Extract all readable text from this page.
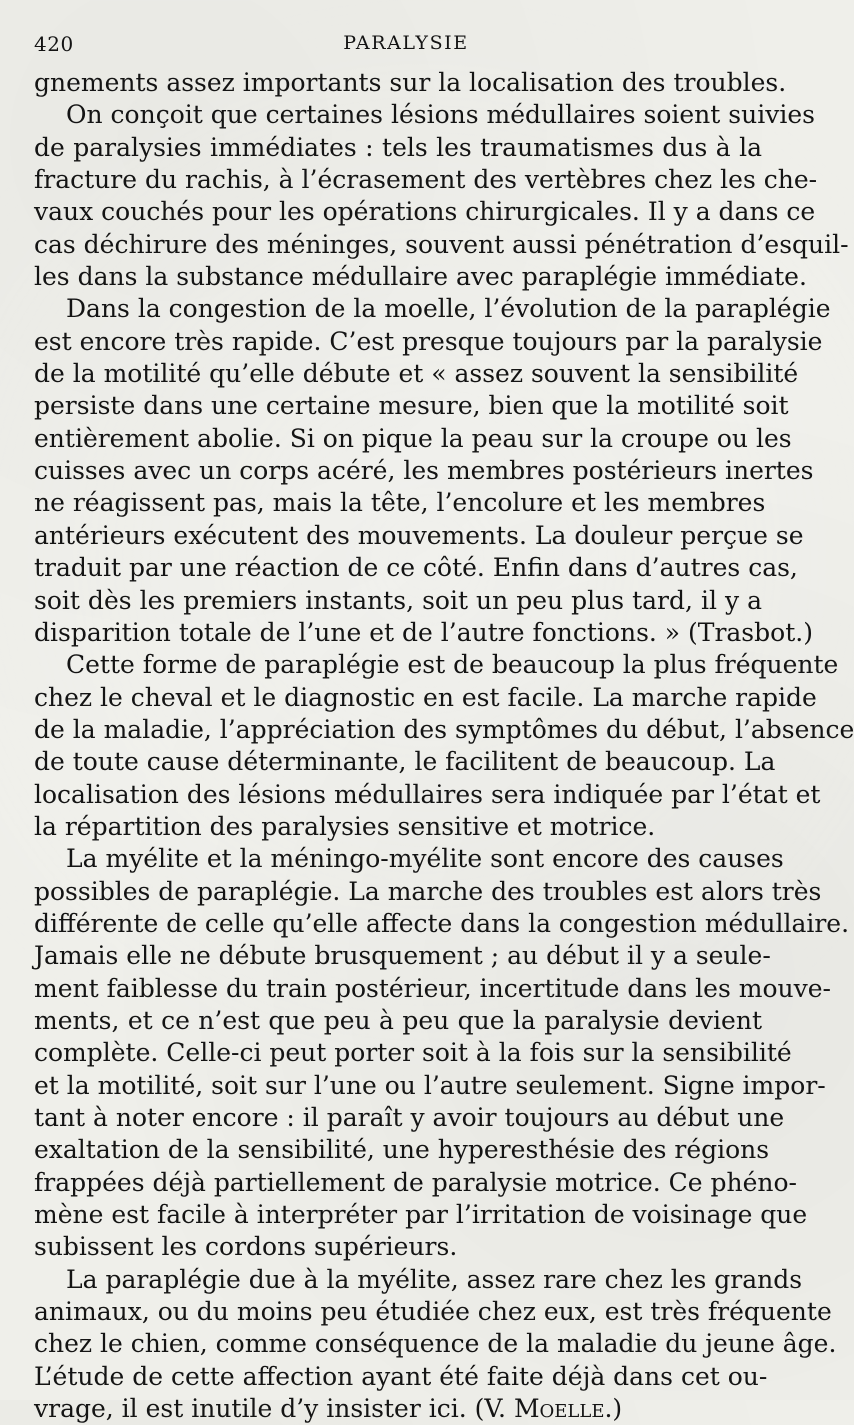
420	PARALYSIE
gnements assez importants sur la localisation des troubles.
On conçoit que certaines lésions médullaires soient suivies
de paralysies immédiates : tels les traumatismes dus à la
fracture du rachis, à l’écrasement des vertèbres chez les che-
vaux couchés pour les opérations chirurgicales. Il y a dans ce
cas déchirure des méninges, souvent aussi pénétration d’esquil-
les dans la substance médullaire avec paraplégie immédiate.
Dans la congestion de la moelle, l’évolution de la paraplégie
est encore très rapide. C’est presque toujours par la paralysie
de la motilité qu’elle débute et « assez souvent la sensibilité
persiste dans une certaine mesure, bien que la motilité soit
entièrement abolie. Si on pique la peau sur la croupe ou les
cuisses avec un corps acéré, les membres postérieurs inertes
ne réagissent pas, mais la tête, l’encolure et les membres
antérieurs exécutent des mouvements. La douleur perçue se
traduit par une réaction de ce côté. Enfin dans d’autres cas,
soit dès les premiers instants, soit un peu plus tard, il y a
disparition totale de l’une et de l’autre fonctions. » (Trasbot.)
Cette forme de paraplégie est de beaucoup la plus fréquente
chez le cheval et le diagnostic en est facile. La marche rapide
de la maladie, l’appréciation des symptômes du début, l’absence
de toute cause déterminante, le facilitent de beaucoup. La
localisation des lésions médullaires sera indiquée par l’état et
la répartition des paralysies sensitive et motrice.
La myélite et la méningo-myélite sont encore des causes
possibles de paraplégie. La marche des troubles est alors très
différente de celle qu’elle affecte dans la congestion médullaire.
Jamais elle ne débute brusquement ; au début il y a seule-
ment faiblesse du train postérieur, incertitude dans les mouve-
ments, et ce n’est que peu à peu que la paralysie devient
complète. Celle-ci peut porter soit à la fois sur la sensibilité
et la motilité, soit sur l’une ou l’autre seulement. Signe impor-
tant à noter encore : il paraît y avoir toujours au début une
exaltation de la sensibilité, une hyperesthésie des régions
frappées déjà partiellement de paralysie motrice. Ce phéno-
mène est facile à interpréter par l’irritation de voisinage que
subissent les cordons supérieurs.
La paraplégie due à la myélite, assez rare chez les grands
animaux, ou du moins peu étudiée chez eux, est très fréquente
chez le chien, comme conséquence de la maladie du jeune âge.
L’étude de cette affection ayant été faite déjà dans cet ou-
vrage, il est inutile d’y insister ici. (V. Moelle.)
